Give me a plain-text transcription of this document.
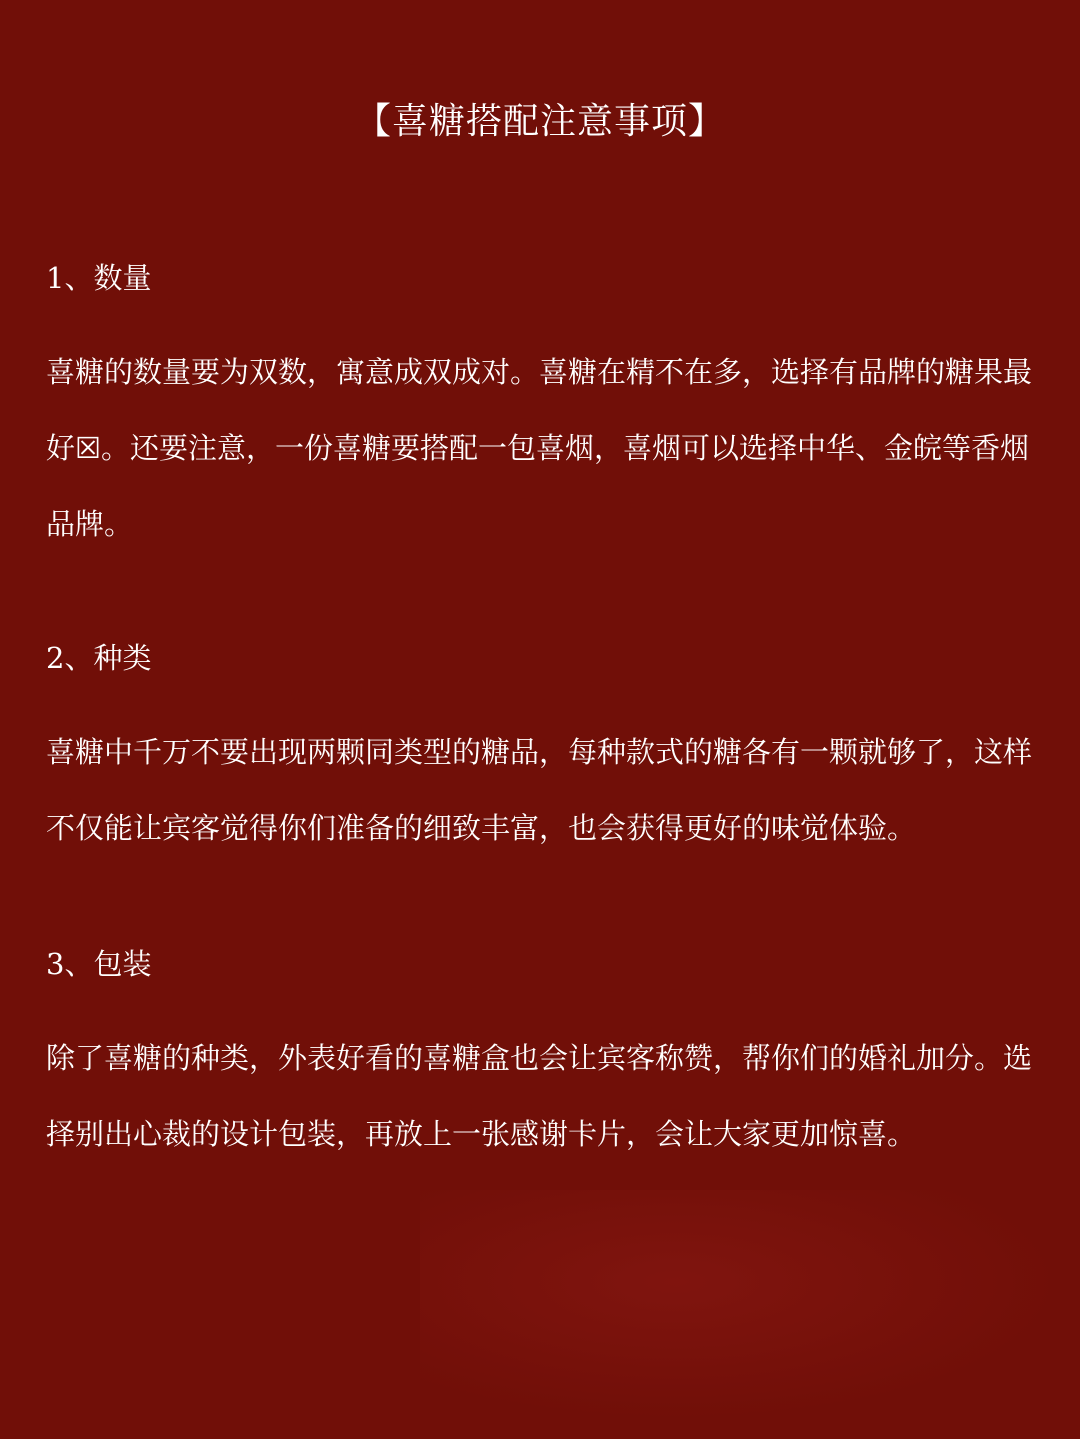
【喜糖搭配注意事项】
1、数量

喜糖的数量要为双数，寓意成双成对。喜糖在精不在多，选择有品牌的糖果最好☒。还要注意，一份喜糖要搭配一包喜烟，喜烟可以选择中华、金皖等香烟品牌。

2、种类

喜糖中千万不要出现两颗同类型的糖品，每种款式的糖各有一颗就够了，这样不仅能让宾客觉得你们准备的细致丰富，也会获得更好的味觉体验。

3、包装

除了喜糖的种类，外表好看的喜糖盒也会让宾客称赞，帮你们的婚礼加分。选择别出心裁的设计包装，再放上一张感谢卡片，会让大家更加惊喜。
